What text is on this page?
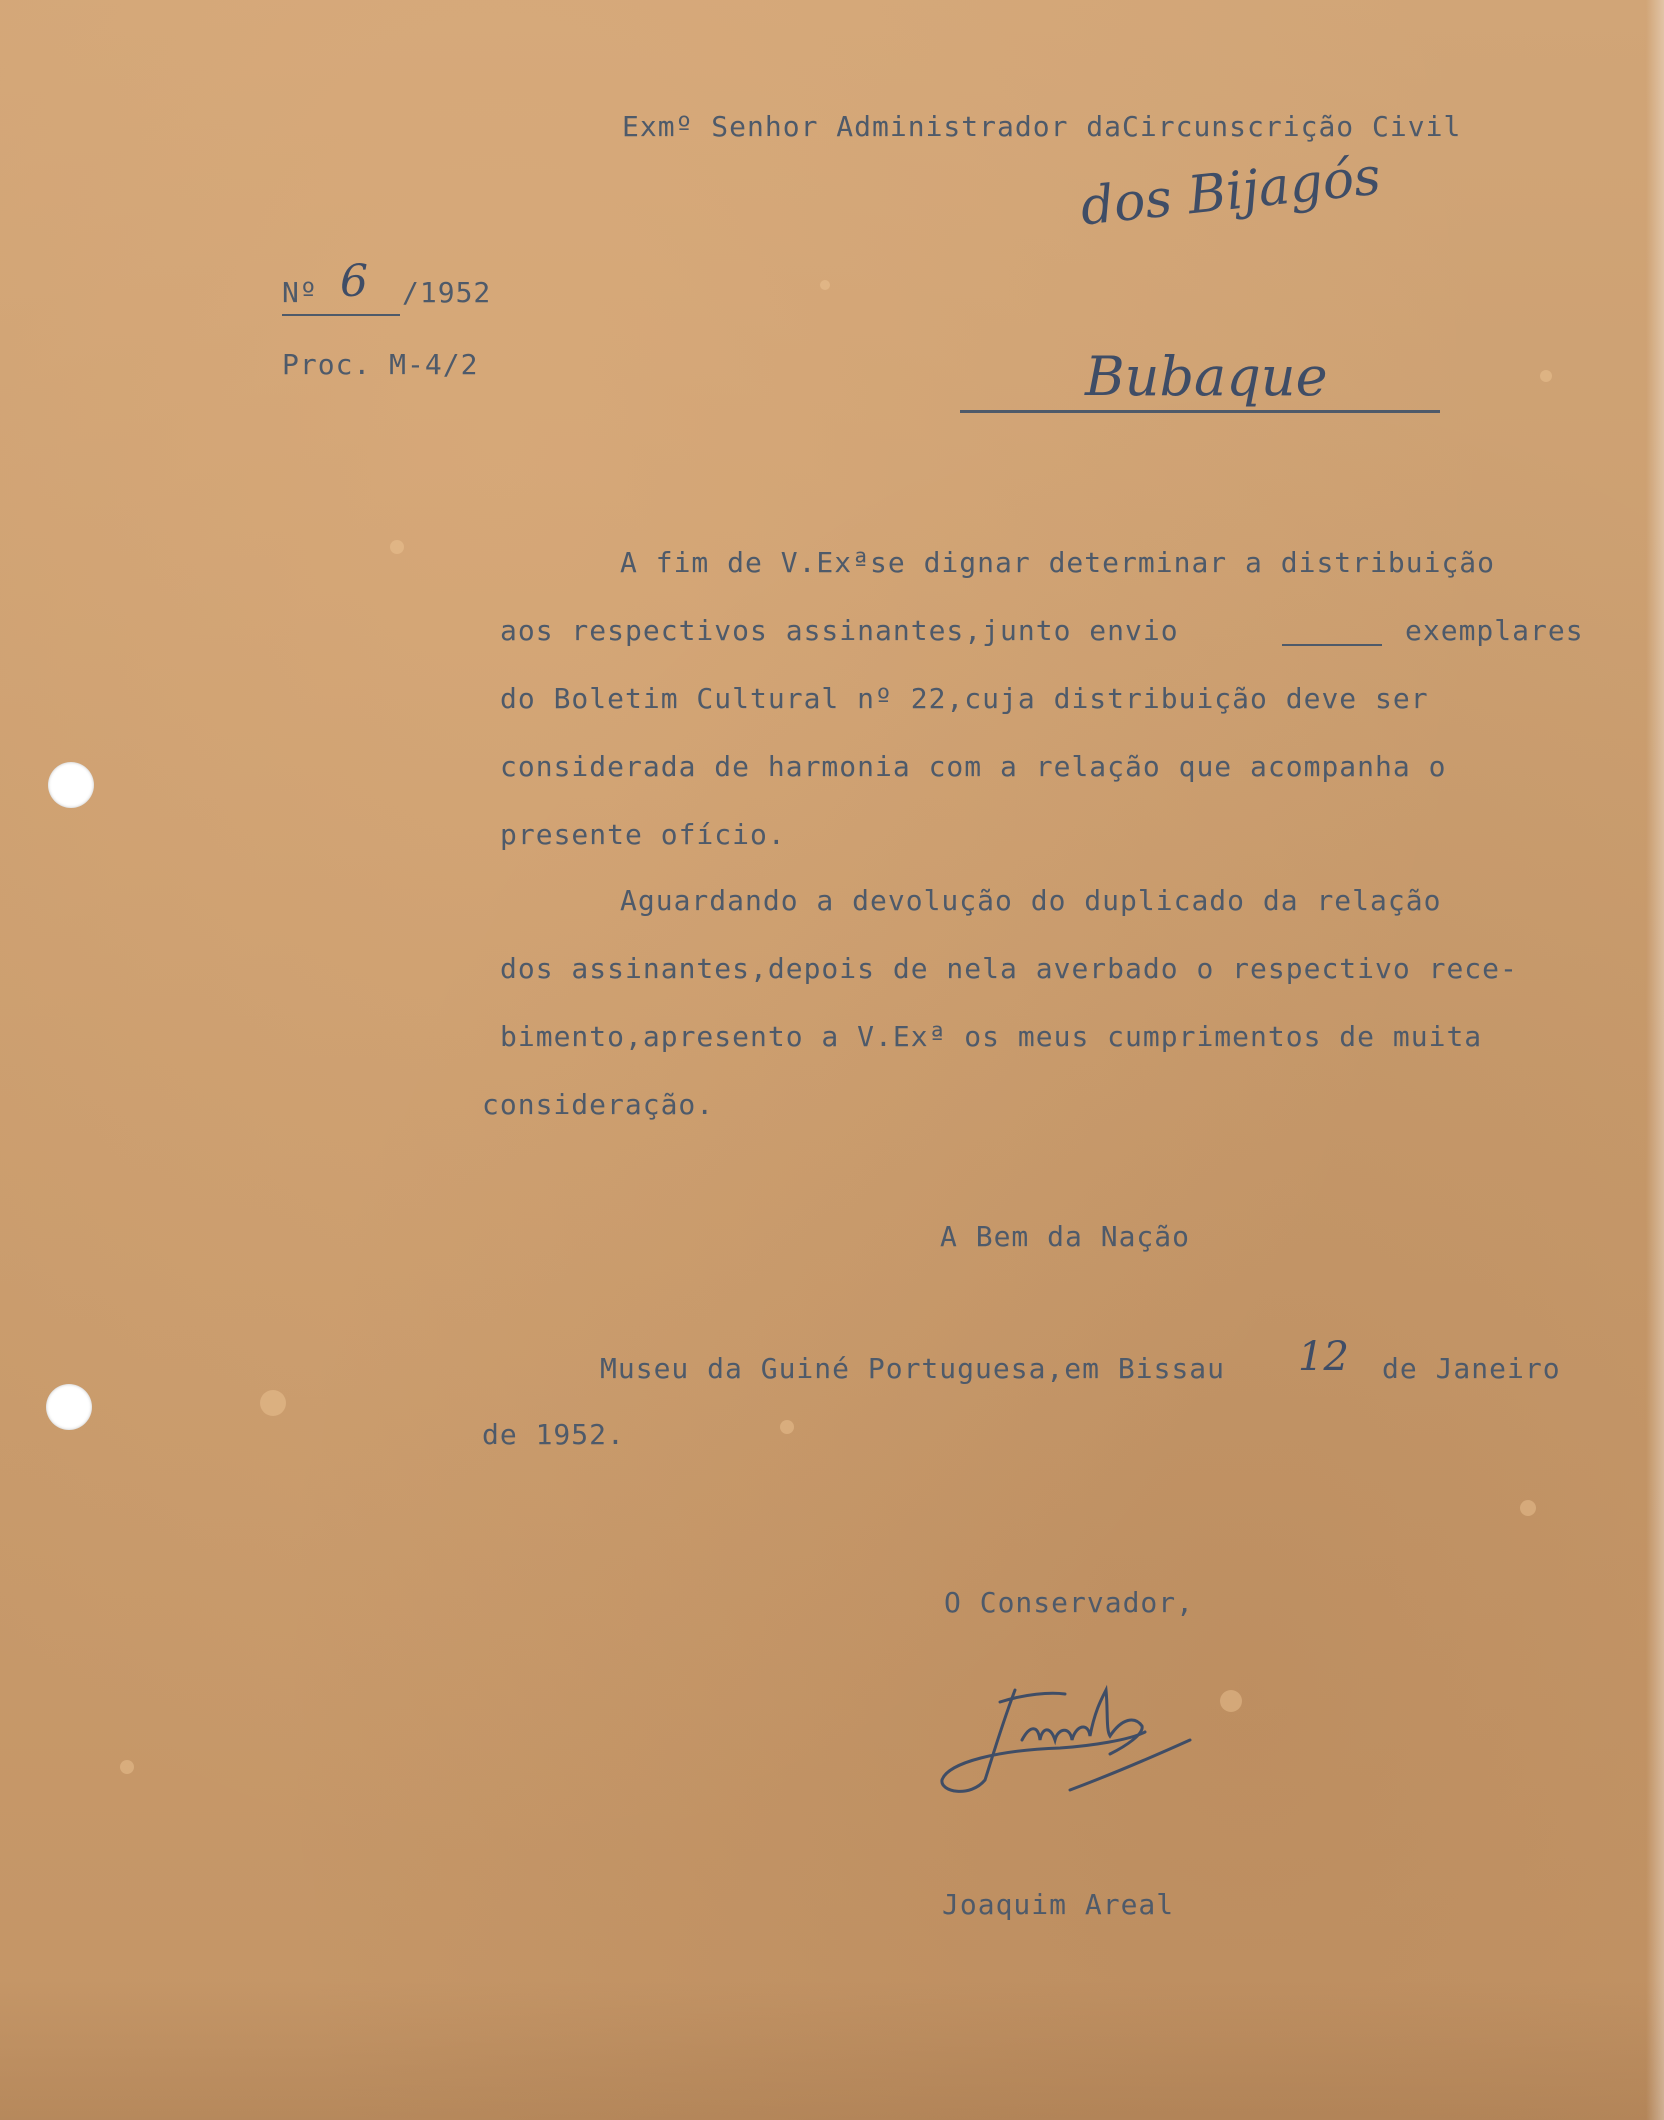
Exmº Senhor Administrador daCircunscrição Civil
dos Bijagós
Bubaque
Nº 6 /1952
Proc. M-4/2
A fim de V.Exªse dignar determinar a distribuição
aos respectivos assinantes,junto envio	exemplares
do Boletim Cultural nº 22,cuja distribuição deve ser
considerada de harmonia com a relação que acompanha o
presente ofício.
Aguardando a devolução do duplicado da relação
dos assinantes,depois de nela averbado o respectivo rece-
bimento,apresento a V.Exª os meus cumprimentos de muita
consideração.
A Bem da Nação
Museu da Guiné Portuguesa,em Bissau 12 de Janeiro
de 1952.
O Conservador,
Joaquim Areal
